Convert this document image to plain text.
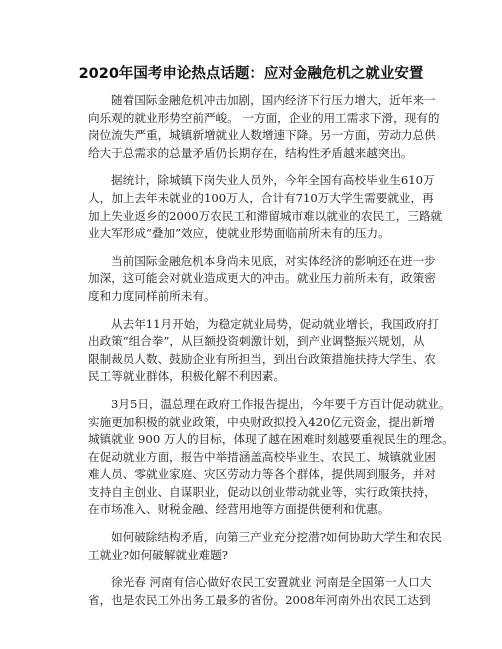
2020年国考申论热点话题：应对金融危机之就业安置
随着国际金融危机冲击加剧，国内经济下行压力增大，近年来一
向乐观的就业形势空前严峻。 一方面，企业的用工需求下滑，现有的
岗位流失严重，城镇新增就业人数增速下降。另一方面，劳动力总供
给大于总需求的总量矛盾仍长期存在，结构性矛盾越来越突出。
据统计，除城镇下岗失业人员外，今年全国有高校毕业生610万
人，加上去年未就业的100万人，合计有710万大学生需要就业，再
加上失业返乡的2000万农民工和滞留城市难以就业的农民工，三路就
业大军形成“叠加”效应，使就业形势面临前所未有的压力。
当前国际金融危机本身尚未见底，对实体经济的影响还在进一步
加深，这可能会对就业造成更大的冲击。就业压力前所未有，政策密
度和力度同样前所未有。
从去年11月开始，为稳定就业局势，促动就业增长，我国政府打
出政策“组合拳”，从巨额投资刺激计划，到产业调整振兴规划，从
限制裁员人数、鼓励企业有所担当，到出台政策措施扶持大学生、农
民工等就业群体，积极化解不利因素。
3月5日，温总理在政府工作报告提出，今年要千方百计促动就业。
实施更加积极的就业政策，中央财政拟投入420亿元资金，提出新增
城镇就业 900 万人的目标，体现了越在困难时刻越要重视民生的理念。
在促动就业方面，报告中举措涵盖高校毕业生、农民工、城镇就业困
难人员、零就业家庭、灾区劳动力等各个群体，提供周到服务，并对
支持自主创业、自谋职业，促动以创业带动就业等，实行政策扶持，
在市场准入、财税金融、经营用地等方面提供便利和优惠。
如何破除结构矛盾，向第三产业充分挖潜?如何协助大学生和农民
工就业?如何破解就业难题?
徐光春 河南有信心做好农民工安置就业 河南是全国第一人口大
省，也是农民工外出务工最多的省份。2008年河南外出农民工达到
